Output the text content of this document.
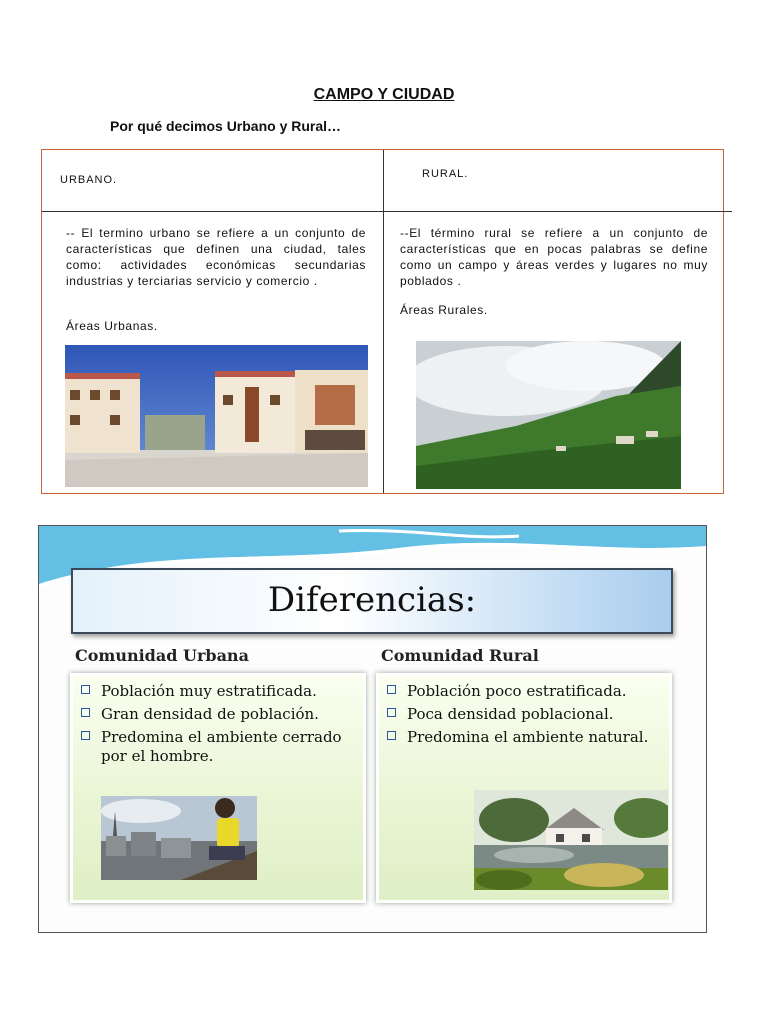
CAMPO Y CIUDAD
Por qué decimos Urbano y Rural…
URBANO.	RURAL.
-- El termino urbano se refiere a un conjunto de características que definen una ciudad, tales como: actividades económicas secundarias industrias y terciarias servicio y comercio .
Áreas Urbanas.
--El término rural se refiere a un conjunto de características que en pocas palabras se define como un campo y áreas verdes y lugares no muy poblados .
Áreas Rurales.
Diferencias:
Comunidad Urbana	Comunidad Rural
Población muy estratificada.
Gran densidad de población.
Predomina el ambiente cerrado por el hombre.
Población poco estratificada.
Poca densidad poblacional.
Predomina el ambiente natural.
